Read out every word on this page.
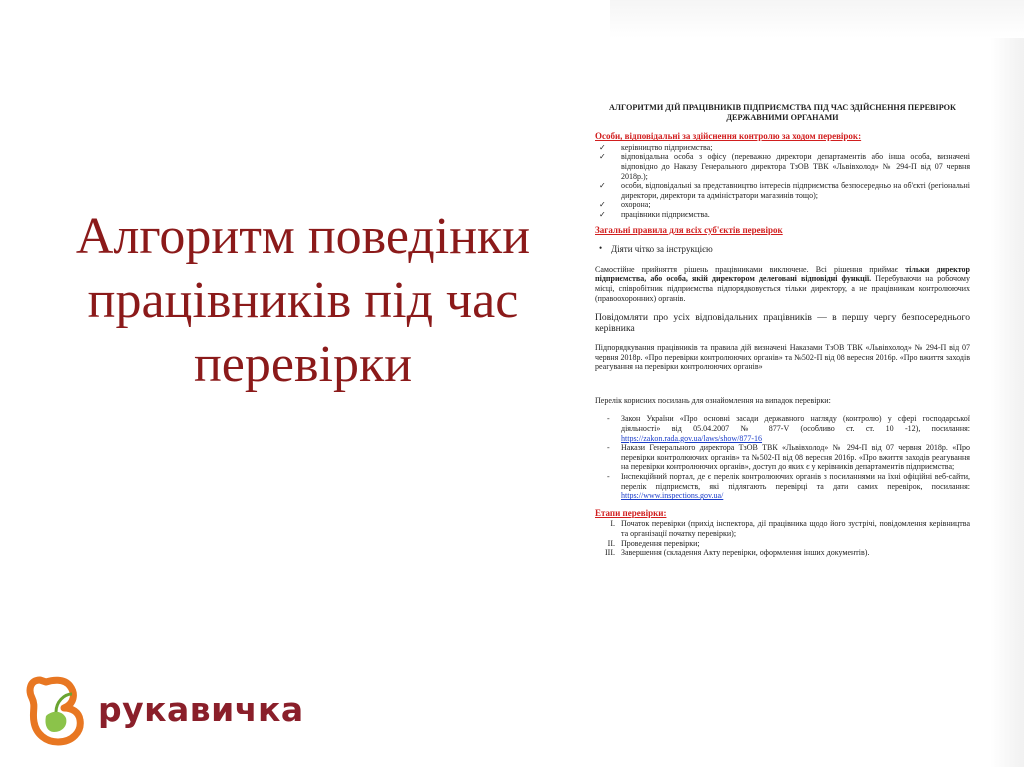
Алгоритм поведінки працівників під час перевірки
рукавичка
АЛГОРИТМИ ДІЙ ПРАЦІВНИКІВ ПІДПРИЄМСТВА ПІД ЧАС ЗДІЙСНЕННЯ ПЕРЕВІРОК ДЕРЖАВНИМИ ОРГАНАМИ
Особи, відповідальні за здійснення контролю за ходом перевірок:
✓ керівництво підприємства;
✓ відповідальна особа з офісу (переважно директори департаментів або інша особа, визначені відповідно до Наказу Генерального директора ТзОВ ТВК «Львівхолод» № 294-П від 07 червня 2018р.);
✓ особи, відповідальні за представництво інтересів підприємства безпосередньо на об'єкті (регіональні директори, директори та адміністратори магазинів тощо);
✓ охорона;
✓ працівники підприємства.
Загальні правила для всіх суб'єктів перевірок
• Діяти чітко за інструкцією
Самостійне прийняття рішень працівниками виключене. Всі рішення приймає тільки директор підприємства, або особа, якій директором делеговані відповідні функції. Перебуваючи на робочому місці, співробітник підприємства підпорядковується тільки директору, а не працівникам контролюючих (правоохоронних) органів.
Повідомляти про усіх відповідальних працівників — в першу чергу безпосереднього керівника
Підпорядкування працівників та правила дій визначені Наказами ТзОВ ТВК «Львівхолод» № 294-П від 07 червня 2018р. «Про перевірки контролюючих органів» та №502-П від 08 вересня 2016р. «Про вжиття заходів реагування на перевірки контролюючих органів»
Перелік корисних посилань для ознайомлення на випадок перевірки:
- Закон України «Про основні засади державного нагляду (контролю) у сфері господарської діяльності» від 05.04.2007 № 877-V (особливо ст. ст. 10 -12), посилання: https://zakon.rada.gov.ua/laws/show/877-16
- Накази Генерального директора ТзОВ ТВК «Львівхолод» № 294-П від 07 червня 2018р. «Про перевірки контролюючих органів» та №502-П від 08 вересня 2016р. «Про вжиття заходів реагування на перевірки контролюючих органів», доступ до яких є у керівників департаментів підприємства;
- Інспекційний портал, де є перелік контролюючих органів з посиланнями на їхні офіційні веб-сайти, перелік підприємств, які підлягають перевірці та дати самих перевірок, посилання: https://www.inspections.gov.ua/
Етапи перевірки:
I. Початок перевірки (прихід інспектора, дії працівника щодо його зустрічі, повідомлення керівництва та організації початку перевірки);
II. Проведення перевірки;
III. Завершення (складення Акту перевірки, оформлення інших документів).
